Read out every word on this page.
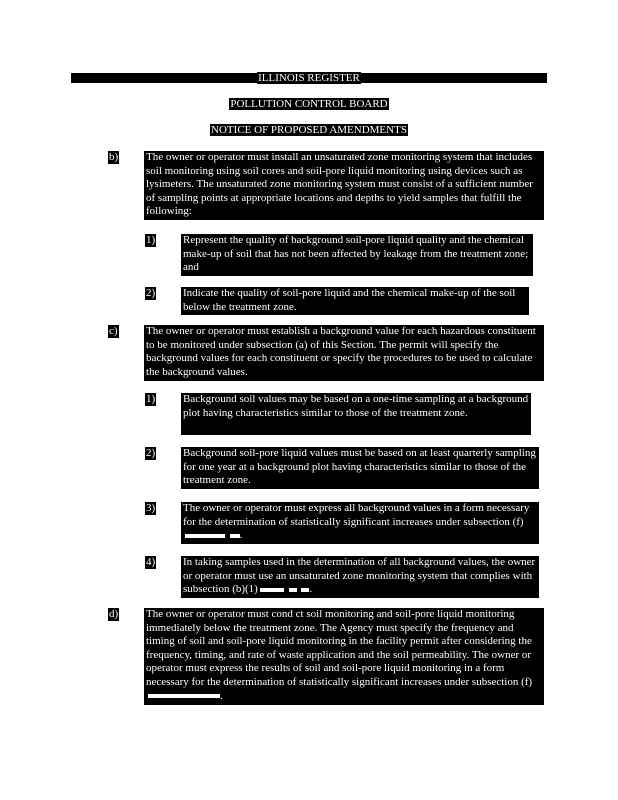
ILLINOIS REGISTER
POLLUTION CONTROL BOARD
NOTICE OF PROPOSED AMENDMENTS
b)	The owner or operator must install an unsaturated zone monitoring system that includes soil monitoring using soil cores and soil-pore liquid monitoring using devices such as lysimeters. The unsaturated zone monitoring system must consist of a sufficient number of sampling points at appropriate locations and depths to yield samples that fulfill the following:
1)	Represent the quality of background soil-pore liquid quality and the chemical make-up of soil that has not been affected by leakage from the treatment zone; and
2)	Indicate the quality of soil-pore liquid and the chemical make-up of the soil below the treatment zone.
c)	The owner or operator must establish a background value for each hazardous constituent to be monitored under subsection (a) of this Section. The permit will specify the background values for each constituent or specify the procedures to be used to calculate the background values.
1)	Background soil values may be based on a one-time sampling at a background plot having characteristics similar to those of the treatment zone.
2)	Background soil-pore liquid values must be based on at least quarterly sampling for one year at a background plot having characteristics similar to those of the treatment zone.
3)	The owner or operator must express all background values in a form necessary for the determination of statistically significant increases under subsection (f) .
4)	In taking samples used in the determination of all background values, the owner or operator must use an unsaturated zone monitoring system that complies with subsection (b)(1)	.
d)	The owner or operator must cond ct soil monitoring and soil-pore liquid monitoring immediately below the treatment zone. The Agency must specify the frequency and timing of soil and soil-pore liquid monitoring in the facility permit after considering the frequency, timing, and rate of waste application and the soil permeability. The owner or operator must express the results of soil and soil-pore liquid monitoring in a form necessary for the determination of statistically significant increases under subsection (f).
